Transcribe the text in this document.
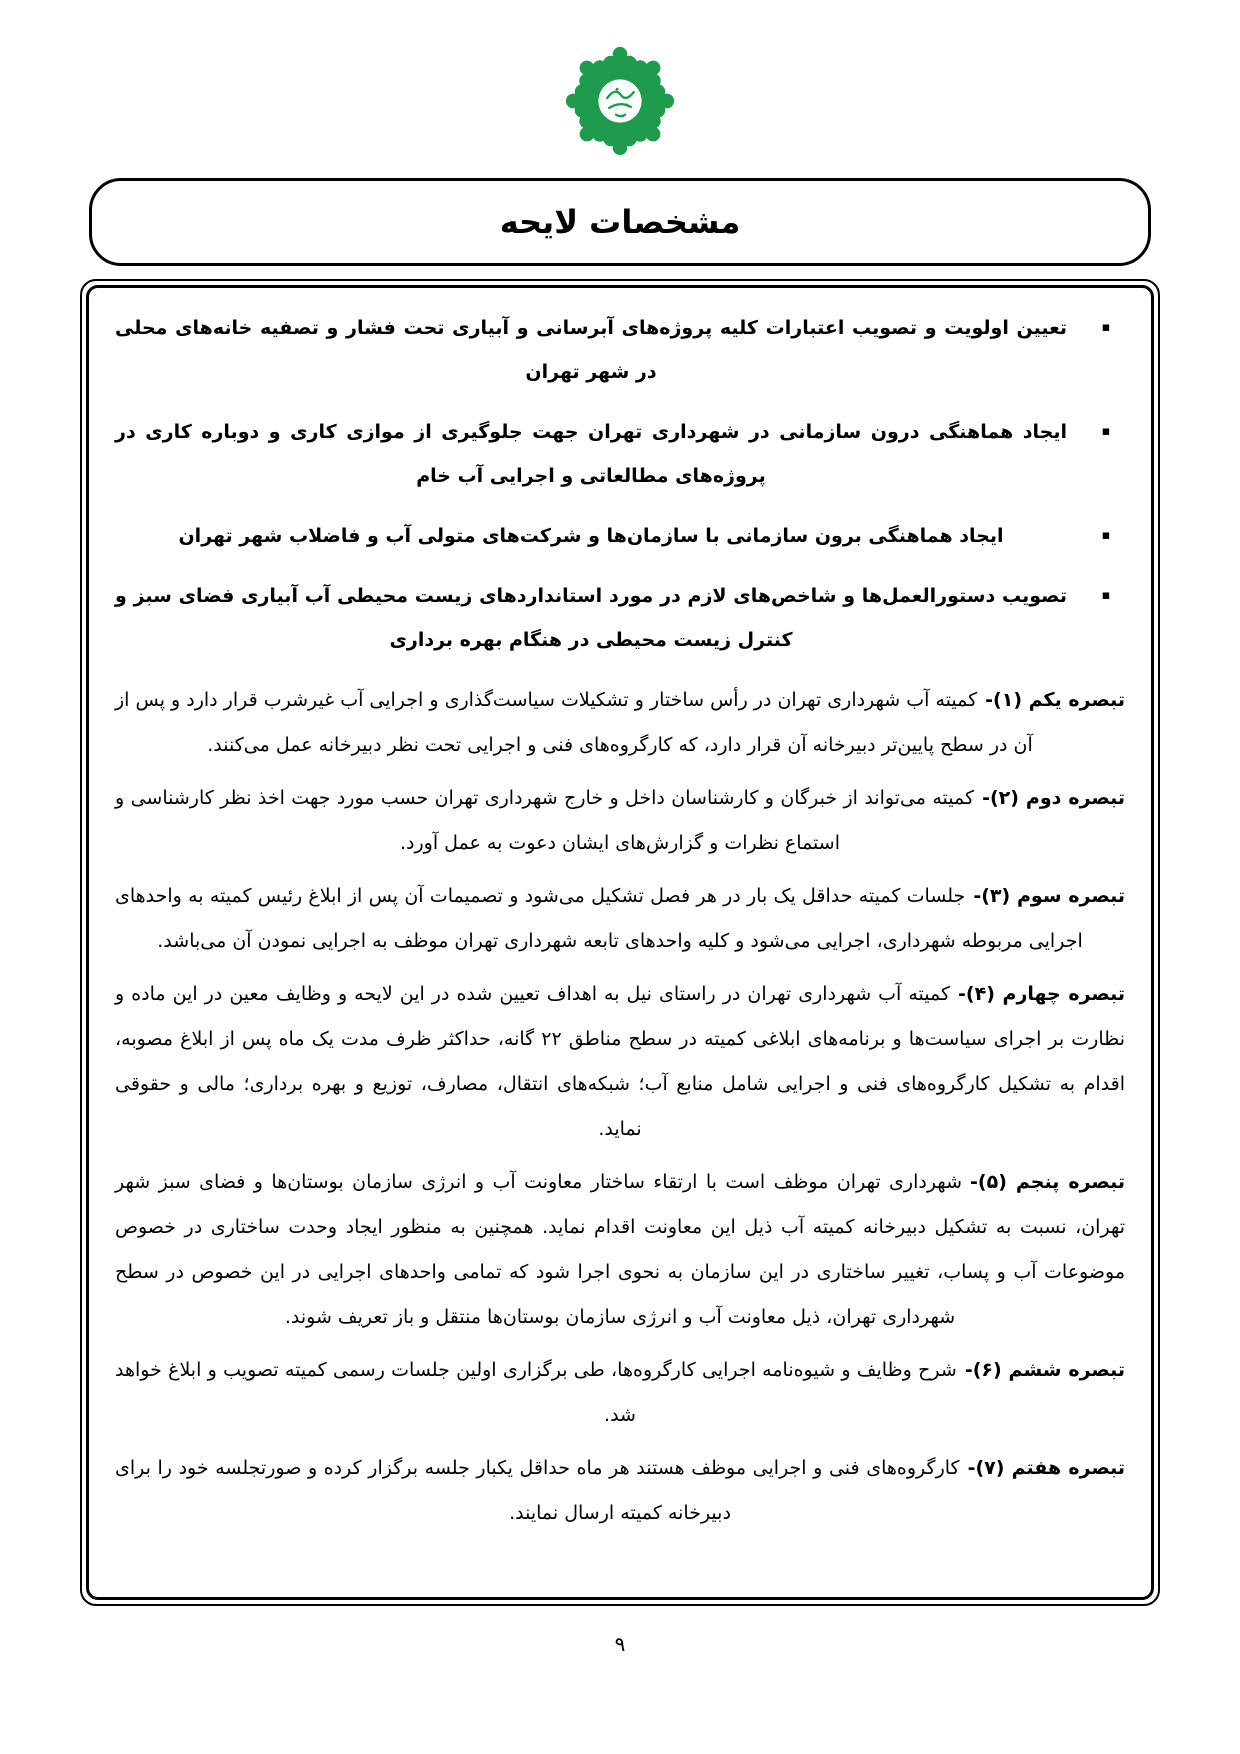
مشخصات لایحه
▪
تعیین اولویت و تصویب اعتبارات کلیه پروژه‌های آبرسانی و آبیاری تحت فشار و تصفیه خانه‌های محلی در شهر تهران
▪
ایجاد هماهنگی درون سازمانی در شهرداری تهران جهت جلوگیری از موازی کاری و دوباره کاری در پروژه‌های مطالعاتی و اجرایی آب خام
▪
ایجاد هماهنگی برون سازمانی با سازمان‌ها و شرکت‌های متولی آب و فاضلاب شهر تهران
▪
تصویب دستورالعمل‌ها و شاخص‌های لازم در مورد استانداردهای زیست محیطی آب آبیاری فضای سبز و کنترل زیست محیطی در هنگام بهره برداری

تبصره یکم (۱)-کمیته آب شهرداری تهران در رأس ساختار و تشکیلات سیاست‌گذاری و اجرایی آب غیرشرب قرار دارد و پس از آن در سطح پایین‌تر دبیرخانه آن قرار دارد، که کارگروه‌های فنی و اجرایی تحت نظر دبیرخانه عمل می‌کنند.

تبصره دوم (۲)-کمیته می‌تواند از خبرگان و کارشناسان داخل و خارج شهرداری تهران حسب مورد جهت اخذ نظر کارشناسی و استماع نظرات و گزارش‌های ایشان دعوت به عمل آورد.

تبصره سوم (۳)-جلسات کمیته حداقل یک بار در هر فصل تشکیل می‌شود و تصمیمات آن پس از ابلاغ رئیس کمیته به واحدهای اجرایی مربوطه شهرداری، اجرایی می‌شود و کلیه واحدهای تابعه شهرداری تهران موظف به اجرایی نمودن آن می‌باشد.

تبصره چهارم (۴)-کمیته آب شهرداری تهران در راستای نیل به اهداف تعیین شده در این لایحه و وظایف معین در این ماده و نظارت بر اجرای سیاست‌ها و برنامه‌های ابلاغی کمیته در سطح مناطق ۲۲ گانه، حداکثر ظرف مدت یک ماه پس از ابلاغ مصوبه، اقدام به تشکیل کارگروه‌های فنی و اجرایی شامل منابع آب؛ شبکه‌های انتقال، مصارف، توزیع و بهره برداری؛ مالی و حقوقی نماید.

تبصره پنجم (۵)-شهرداری تهران موظف است با ارتقاء ساختار معاونت آب و انرژی سازمان بوستان‌ها و فضای سبز شهر تهران، نسبت به تشکیل دبیرخانه کمیته آب ذیل این معاونت اقدام نماید. همچنین به منظور ایجاد وحدت ساختاری در خصوص موضوعات آب و پساب، تغییر ساختاری در این سازمان به نحوی اجرا شود که تمامی واحدهای اجرایی در این خصوص در سطح شهرداری تهران، ذیل معاونت آب و انرژی سازمان بوستان‌ها منتقل و باز تعریف شوند.

تبصره ششم (۶)-شرح وظایف و شیوه‌نامه اجرایی کارگروه‌ها، طی برگزاری اولین جلسات رسمی کمیته تصویب و ابلاغ خواهد شد.

تبصره هفتم (۷)-کارگروه‌های فنی و اجرایی موظف هستند هر ماه حداقل یکبار جلسه برگزار کرده و صورتجلسه خود را برای دبیرخانه کمیته ارسال نمایند.

۹
